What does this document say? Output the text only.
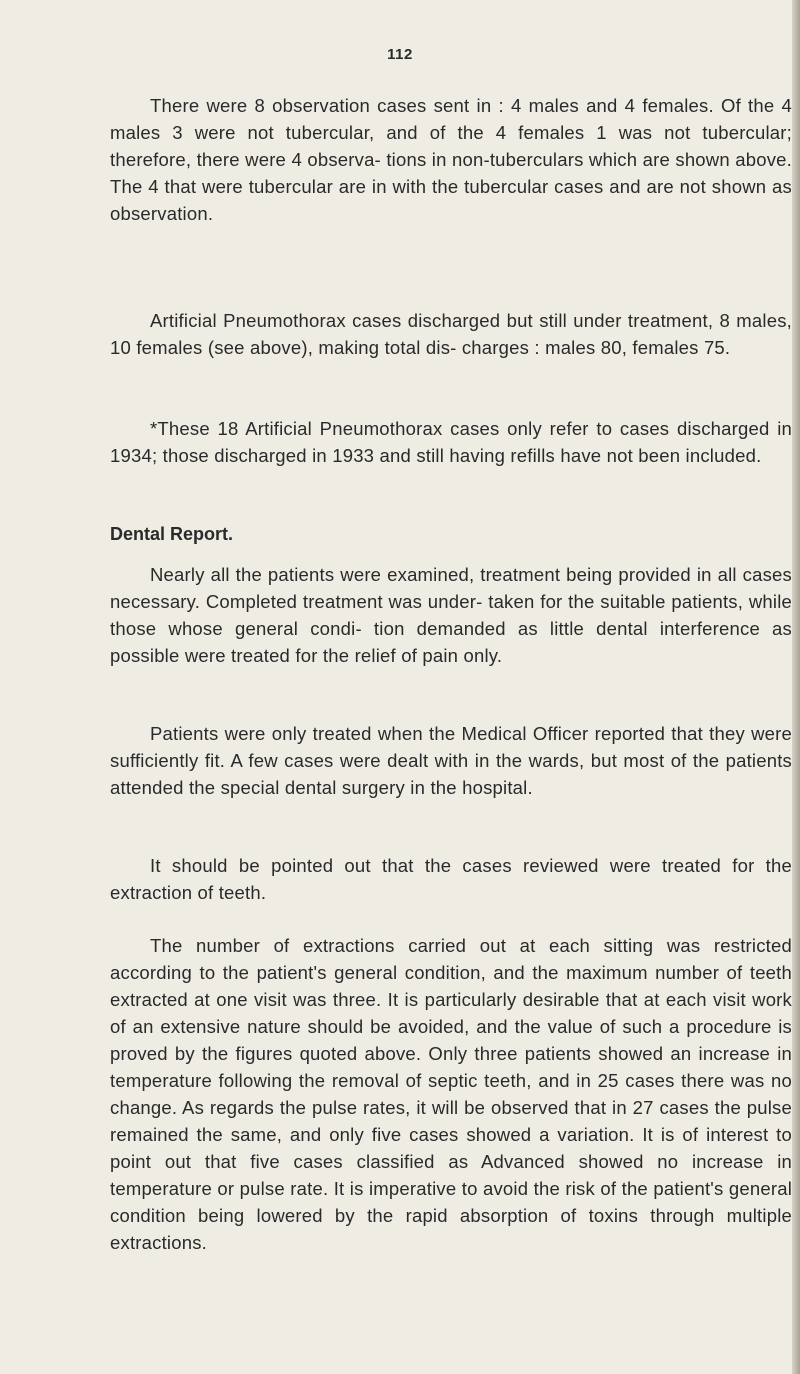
112

There were 8 observation cases sent in : 4 males and 4 females. Of the 4 males 3 were not tubercular, and of the 4 females 1 was not tubercular; therefore, there were 4 observa- tions in non-tuberculars which are shown above. The 4 that were tubercular are in with the tubercular cases and are not shown as observation.

Artificial Pneumothorax cases discharged but still under treatment, 8 males, 10 females (see above), making total dis- charges : males 80, females 75.

*These 18 Artificial Pneumothorax cases only refer to cases discharged in 1934; those discharged in 1933 and still having refills have not been included.

Dental Report.

Nearly all the patients were examined, treatment being provided in all cases necessary. Completed treatment was under- taken for the suitable patients, while those whose general condi- tion demanded as little dental interference as possible were treated for the relief of pain only.

Patients were only treated when the Medical Officer reported that they were sufficiently fit. A few cases were dealt with in the wards, but most of the patients attended the special dental surgery in the hospital.

It should be pointed out that the cases reviewed were treated for the extraction of teeth.

The number of extractions carried out at each sitting was restricted according to the patient's general condition, and the maximum number of teeth extracted at one visit was three. It is particularly desirable that at each visit work of an extensive nature should be avoided, and the value of such a procedure is proved by the figures quoted above. Only three patients showed an increase in temperature following the removal of septic teeth, and in 25 cases there was no change. As regards the pulse rates, it will be observed that in 27 cases the pulse remained the same, and only five cases showed a variation. It is of interest to point out that five cases classified as Advanced showed no increase in temperature or pulse rate. It is imperative to avoid the risk of the patient's general condition being lowered by the rapid absorption of toxins through multiple extractions.
